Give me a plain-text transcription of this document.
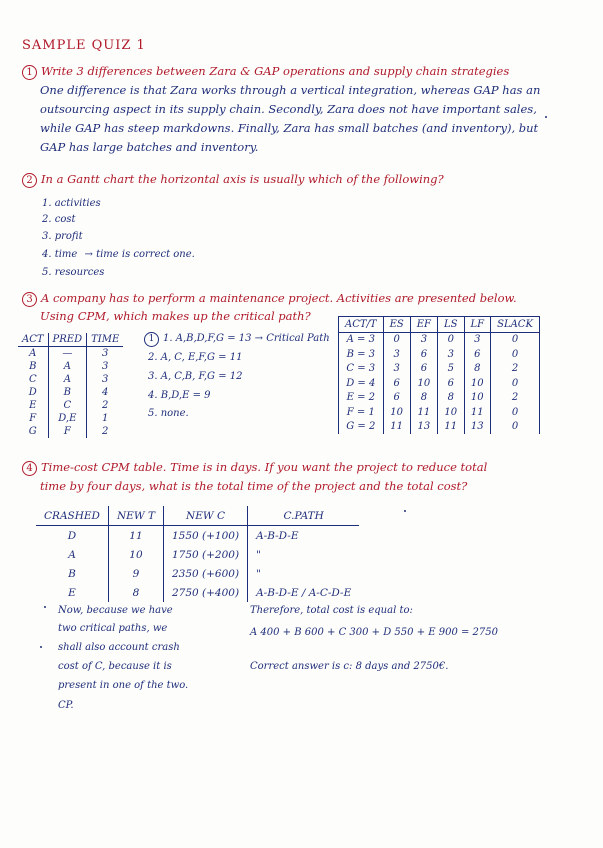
SAMPLE QUIZ 1
1 Write 3 differences between Zara & GAP operations and supply chain strategies
One difference is that Zara works through a vertical integration, whereas GAP has an
outsourcing aspect in its supply chain. Secondly, Zara does not have important sales,
while GAP has steep markdowns. Finally, Zara has small batches (and inventory), but
GAP has large batches and inventory.
2 In a Gantt chart the horizontal axis is usually which of the following?
1. activities
2. cost
3. profit
4. time → time is correct one.
5. resources
3 A company has to perform a maintenance project. Activities are presented below.
Using CPM, which makes up the critical path?
ACT	PRED	TIME
A	—	3
B	A	3
C	A	3
D	B	4
E	C	2
F	D,E	1
G	F	2
1 1. A,B,D,F,G = 13 → Critical Path
2. A, C, E,F,G = 11
3. A, C,B, F,G = 12
4. B,D,E = 9
5. none.
ACT/T	ES	EF	LS	LF	SLACK
A = 3	0	3	0	3	0
B = 3	3	6	3	6	0
C = 3	3	6	5	8	2
D = 4	6	10	6	10	0
E = 2	6	8	8	10	2
F = 1	10	11	10	11	0
G = 2	11	13	11	13	0
4 Time-cost CPM table. Time is in days. If you want the project to reduce total
time by four days, what is the total time of the project and the total cost?
CRASHED	NEW T	NEW C	C.PATH
D	11	1550 (+100)	A-B-D-E
A	10	1750 (+200)	"
B	9	2350 (+600)	"
E	8	2750 (+400)	A-B-D-E / A-C-D-E
Now, because we have
two critical paths, we
shall also account crash
cost of C, because it is
present in one of the two.
CP.
Therefore, total cost is equal to:
A 400 + B 600 + C 300 + D 550 + E 900 = 2750
Correct answer is c: 8 days and 2750€.
